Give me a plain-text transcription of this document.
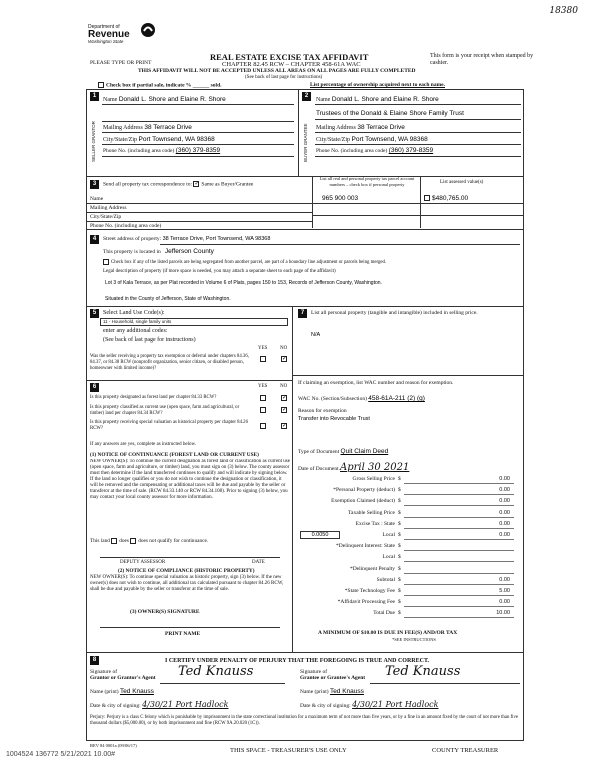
18380
Department of
Revenue
Washington State
REAL ESTATE EXCISE TAX AFFIDAVIT
CHAPTER 82.45 RCW – CHAPTER 458-61A WAC
This form is your receipt when stamped by cashier.
PLEASE TYPE OR PRINT
THIS AFFIDAVIT WILL NOT BE ACCEPTED UNLESS ALL AREAS ON ALL PAGES ARE FULLY COMPLETED
(See back of last page for instructions)
Check box if partial sale, indicate % ______ sold.	List percentage of ownership acquired next to each name.
1
SELLER GRANTOR
Name Donald L. Shore and Elaine R. Shore
Mailing Address 38 Terrace Drive
City/State/Zip Port Townsend, WA 98368
Phone No. (including area code) (360) 379-8359
2
BUYER GRANTEE
Name Donald L. Shore and Elaine R. Shore
Trustees of the Donald & Elaine Shore Family Trust
Mailing Address 38 Terrace Drive
City/State/Zip Port Townsend, WA 98368
Phone No. (including area code) (360) 379-8359
3	Send all property tax correspondence to: ✓ Same as Buyer/Grantee
List all real and personal property tax parcel account numbers – check box if personal property	List assessed value(s)
965 900 003	$480,765.00
Name
Mailing Address
City/State/Zip
Phone No. (including area code)
4	Street address of property: 38 Terrace Drive, Port Townsend, WA 98368
This property is located in Jefferson County
Check box if any of the listed parcels are being segregated from another parcel, are part of a boundary line adjustment or parcels being merged.
Legal description of property (if more space is needed, you may attach a separate sheet to each page of the affidavit)
Lot 3 of Kala Terrace, as per Plat recorded in Volume 6 of Plats, pages 150 to 153, Records of Jefferson County, Washington.
Situated in the County of Jefferson, State of Washington.
5	Select Land Use Code(s):
11 - Household, single family units
enter any additional codes:
(See back of last page for instructions)
YES	NO
Was the seller receiving a property tax exemption or deferral under chapters 84.36, 84.37, or 84.38 RCW (nonprofit organization, senior citizen, or disabled person, homeowner with limited income)?
✓
6	YES	NO
Is this property designated as forest land per chapter 84.33 RCW?	✓
Is this property classified as current use (open space, farm and agricultural, or timber) land per chapter 84.34 RCW?
✓
Is this property receiving special valuation as historical property per chapter 84.26 RCW?	✓
If any answers are yes, complete as instructed below.
(1) NOTICE OF CONTINUANCE (FOREST LAND OR CURRENT USE)
NEW OWNER(S): To continue the current designation as forest land or classification as current use (open space, farm and agriculture, or timber) land, you must sign on (3) below. The county assessor must then determine if the land transferred continues to qualify and will indicate by signing below. If the land no longer qualifies or you do not wish to continue the designation or classification, it will be removed and the compensating or additional taxes will be due and payable by the seller or transferor at the time of sale. (RCW 84.33.140 or RCW 84.34.108). Prior to signing (3) below, you may contact your local county assessor for more information.
This land does does not qualify for continuance.
DEPUTY ASSESSOR	DATE
(2) NOTICE OF COMPLIANCE (HISTORIC PROPERTY)
NEW OWNER(S): To continue special valuation as historic property, sign (3) below. If the new owner(s) does not wish to continue, all additional tax calculated pursuant to chapter 84.26 RCW, shall be due and payable by the seller or transferor at the time of sale.
(3) OWNER(S) SIGNATURE
PRINT NAME
7	List all personal property (tangible and intangible) included in selling price.
N/A
If claiming an exemption, list WAC number and reason for exemption.
WAC No. (Section/Subsection) 458-61A-211 (2) (g)
Reason for exemption
Transfer into Revocable Trust
Type of Document Quit Claim Deed
Date of Document April 30 2021
Gross Selling Price $	0.00
*Personal Property (deduct) $	0.00
Exemption Claimed (deduct) $	0.00
Taxable Selling Price $	0.00
Excise Tax : State $	0.00
Local $	0.00
*Delinquent Interest: State $
Local $
*Delinquent Penalty $
Subtotal $	0.00
*State Technology Fee $	5.00
*Affidavit Processing Fee $	0.00
Total Due $	10.00
0.0050
A MINIMUM OF $10.00 IS DUE IN FEE(S) AND/OR TAX
*SEE INSTRUCTIONS
8	I CERTIFY UNDER PENALTY OF PERJURY THAT THE FOREGOING IS TRUE AND CORRECT.
Signature of
Grantor or Grantor's Agent Ted Knauss
Name (print) Ted Knauss
Date & city of signing: 4/30/21 Port Hadlock
Signature of
Grantee or Grantee's Agent Ted Knauss
Name (print) Ted Knauss
Date & city of signing: 4/30/21 Port Hadlock
Perjury: Perjury is a class C felony which is punishable by imprisonment in the state correctional institution for a maximum term of not more than five years, or by a fine in an amount fixed by the court of not more than five thousand dollars ($5,000.00), or by both imprisonment and fine (RCW 9A.20.020 (1C)).
REV 84 0001a (09/06/17)
1004524 136772 5/21/2021 10.00#
THIS SPACE - TREASURER'S USE ONLY	COUNTY TREASURER
